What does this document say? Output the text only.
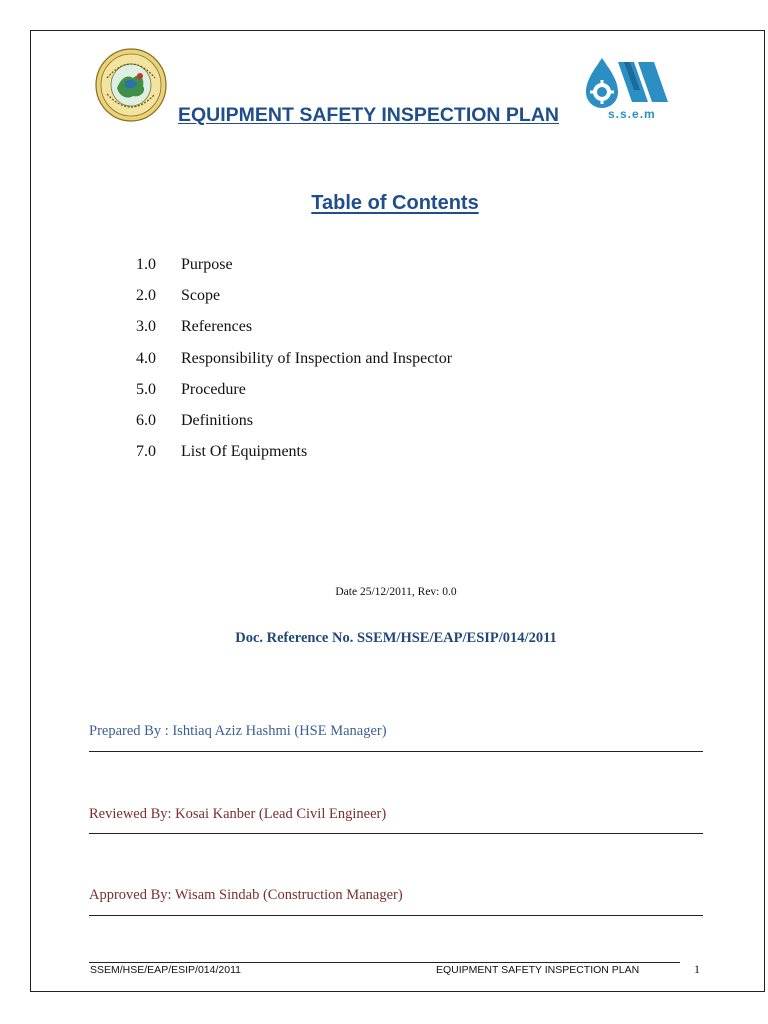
s.s.e.m
EQUIPMENT SAFETY INSPECTION PLAN
Table of Contents
1.0	Purpose
2.0	Scope
3.0	References
4.0	Responsibility of Inspection and Inspector
5.0	Procedure
6.0	Definitions
7.0	List Of Equipments
Date 25/12/2011, Rev: 0.0
Doc. Reference No. SSEM/HSE/EAP/ESIP/014/2011
Prepared By : Ishtiaq Aziz Hashmi (HSE Manager)
Reviewed By: Kosai Kanber (Lead Civil Engineer)
Approved By: Wisam Sindab (Construction Manager)
SSEM/HSE/EAP/ESIP/014/2011	EQUIPMENT SAFETY INSPECTION PLAN	1
